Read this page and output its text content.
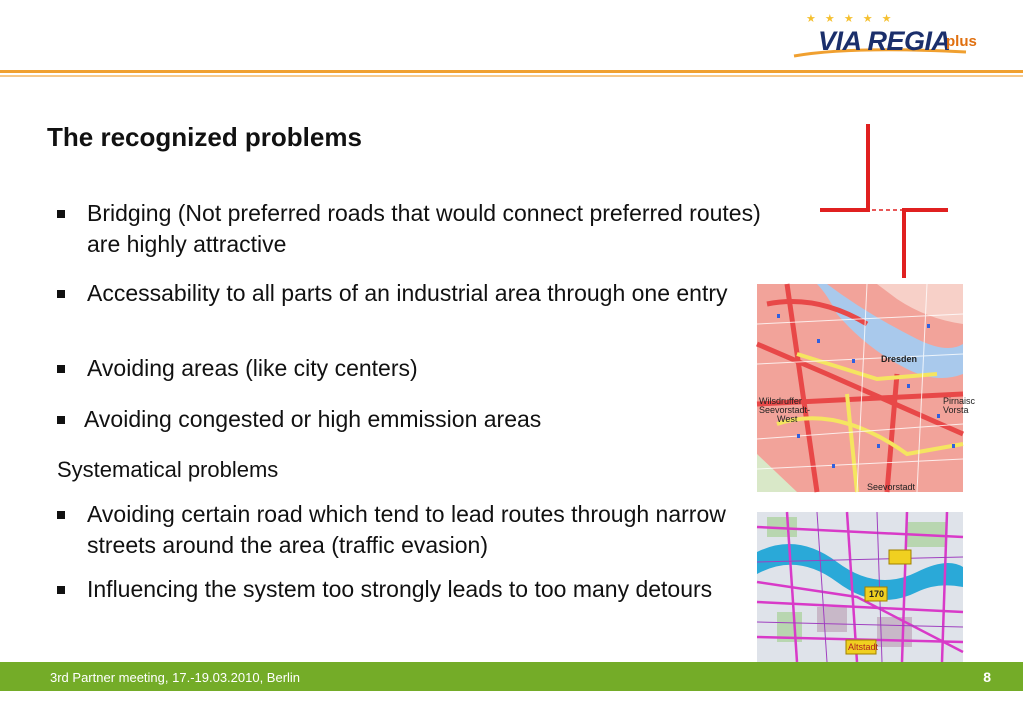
★ ★ ★ ★ ★
VIA REGIA
plus
The recognized problems
Bridging (Not preferred roads that would connect preferred routes) are highly attractive
Accessability to all parts of an industrial area through one entry
Avoiding areas (like city centers)
Avoiding congested or high emmission areas
Systematical problems
Avoiding certain road which tend to lead routes through narrow streets around the area (traffic evasion)
Influencing the system too strongly leads to too many detours
Dresden
Wilsdruffer
Seevorstadt-
West
Pirnaisc
Vorsta
Seevorstadt
170
Altstadt
3rd Partner meeting, 17.-19.03.2010, Berlin	8
